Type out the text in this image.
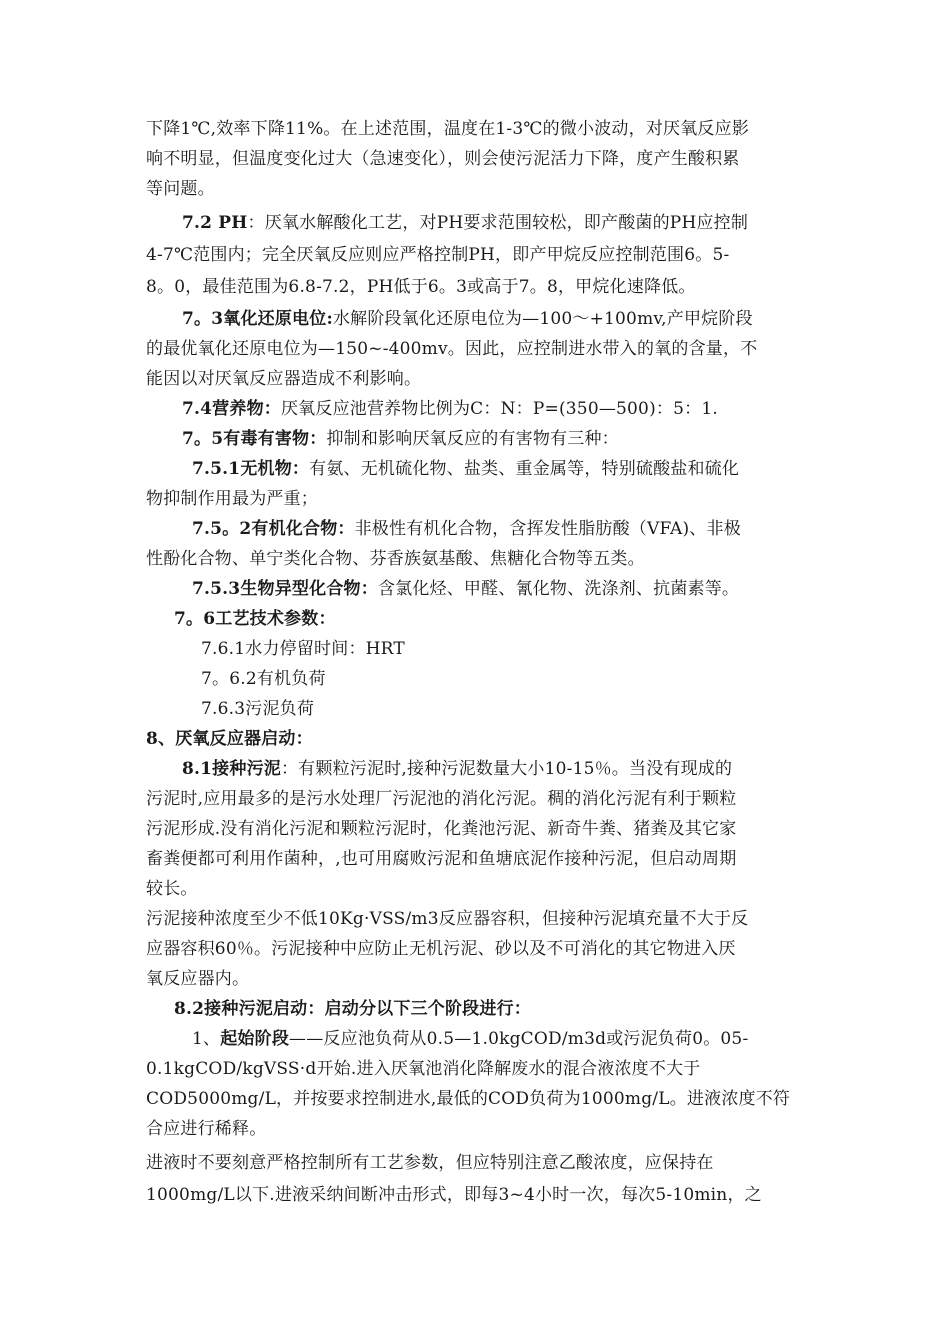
下降1℃,效率下降11%。在上述范围，温度在1-3℃的微小波动，对厌氧反应影
响不明显，但温度变化过大（急速变化），则会使污泥活力下降，度产生酸积累
等问题。
7.2 PH：厌氧水解酸化工艺，对PH要求范围较松，即产酸菌的PH应控制
4-7℃范围内；完全厌氧反应则应严格控制PH，即产甲烷反应控制范围6。5-
8。0，最佳范围为6.8-7.2，PH低于6。3或高于7。8，甲烷化速降低。
7。3氧化还原电位:水解阶段氧化还原电位为—100～+100mv,产甲烷阶段
的最优氧化还原电位为—150~-400mv。因此，应控制进水带入的氧的含量，不
能因以对厌氧反应器造成不利影响。
7.4营养物：厌氧反应池营养物比例为C：N：P=(350—500)：5：1.
7。5有毒有害物：抑制和影响厌氧反应的有害物有三种：
7.5.1无机物：有氨、无机硫化物、盐类、重金属等，特别硫酸盐和硫化
物抑制作用最为严重；
7.5。2有机化合物：非极性有机化合物，含挥发性脂肪酸（VFA)、非极
性酚化合物、单宁类化合物、芬香族氨基酸、焦糖化合物等五类。
7.5.3生物异型化合物：含氯化烃、甲醛、氰化物、洗涤剂、抗菌素等。
7。6工艺技术参数：
7.6.1水力停留时间：HRT
7。6.2有机负荷
7.6.3污泥负荷
8、厌氧反应器启动：
8.1接种污泥：有颗粒污泥时,接种污泥数量大小10-15％。当没有现成的
污泥时,应用最多的是污水处理厂污泥池的消化污泥。稠的消化污泥有利于颗粒
污泥形成.没有消化污泥和颗粒污泥时，化粪池污泥、新奇牛粪、猪粪及其它家
畜粪便都可利用作菌种，,也可用腐败污泥和鱼塘底泥作接种污泥，但启动周期
较长。
污泥接种浓度至少不低10Kg·VSS/m3反应器容积，但接种污泥填充量不大于反
应器容积60％。污泥接种中应防止无机污泥、砂以及不可消化的其它物进入厌
氧反应器内。
8.2接种污泥启动：启动分以下三个阶段进行：
1、起始阶段——反应池负荷从0.5—1.0kgCOD/m3d或污泥负荷0。05-
0.1kgCOD/kgVSS·d开始.进入厌氧池消化降解废水的混合液浓度不大于
COD5000mg/L，并按要求控制进水,最低的COD负荷为1000mg/L。进液浓度不符
合应进行稀释。
进液时不要刻意严格控制所有工艺参数，但应特别注意乙酸浓度，应保持在
1000mg/L以下.进液采纳间断冲击形式，即每3~4小时一次，每次5-10min，之
